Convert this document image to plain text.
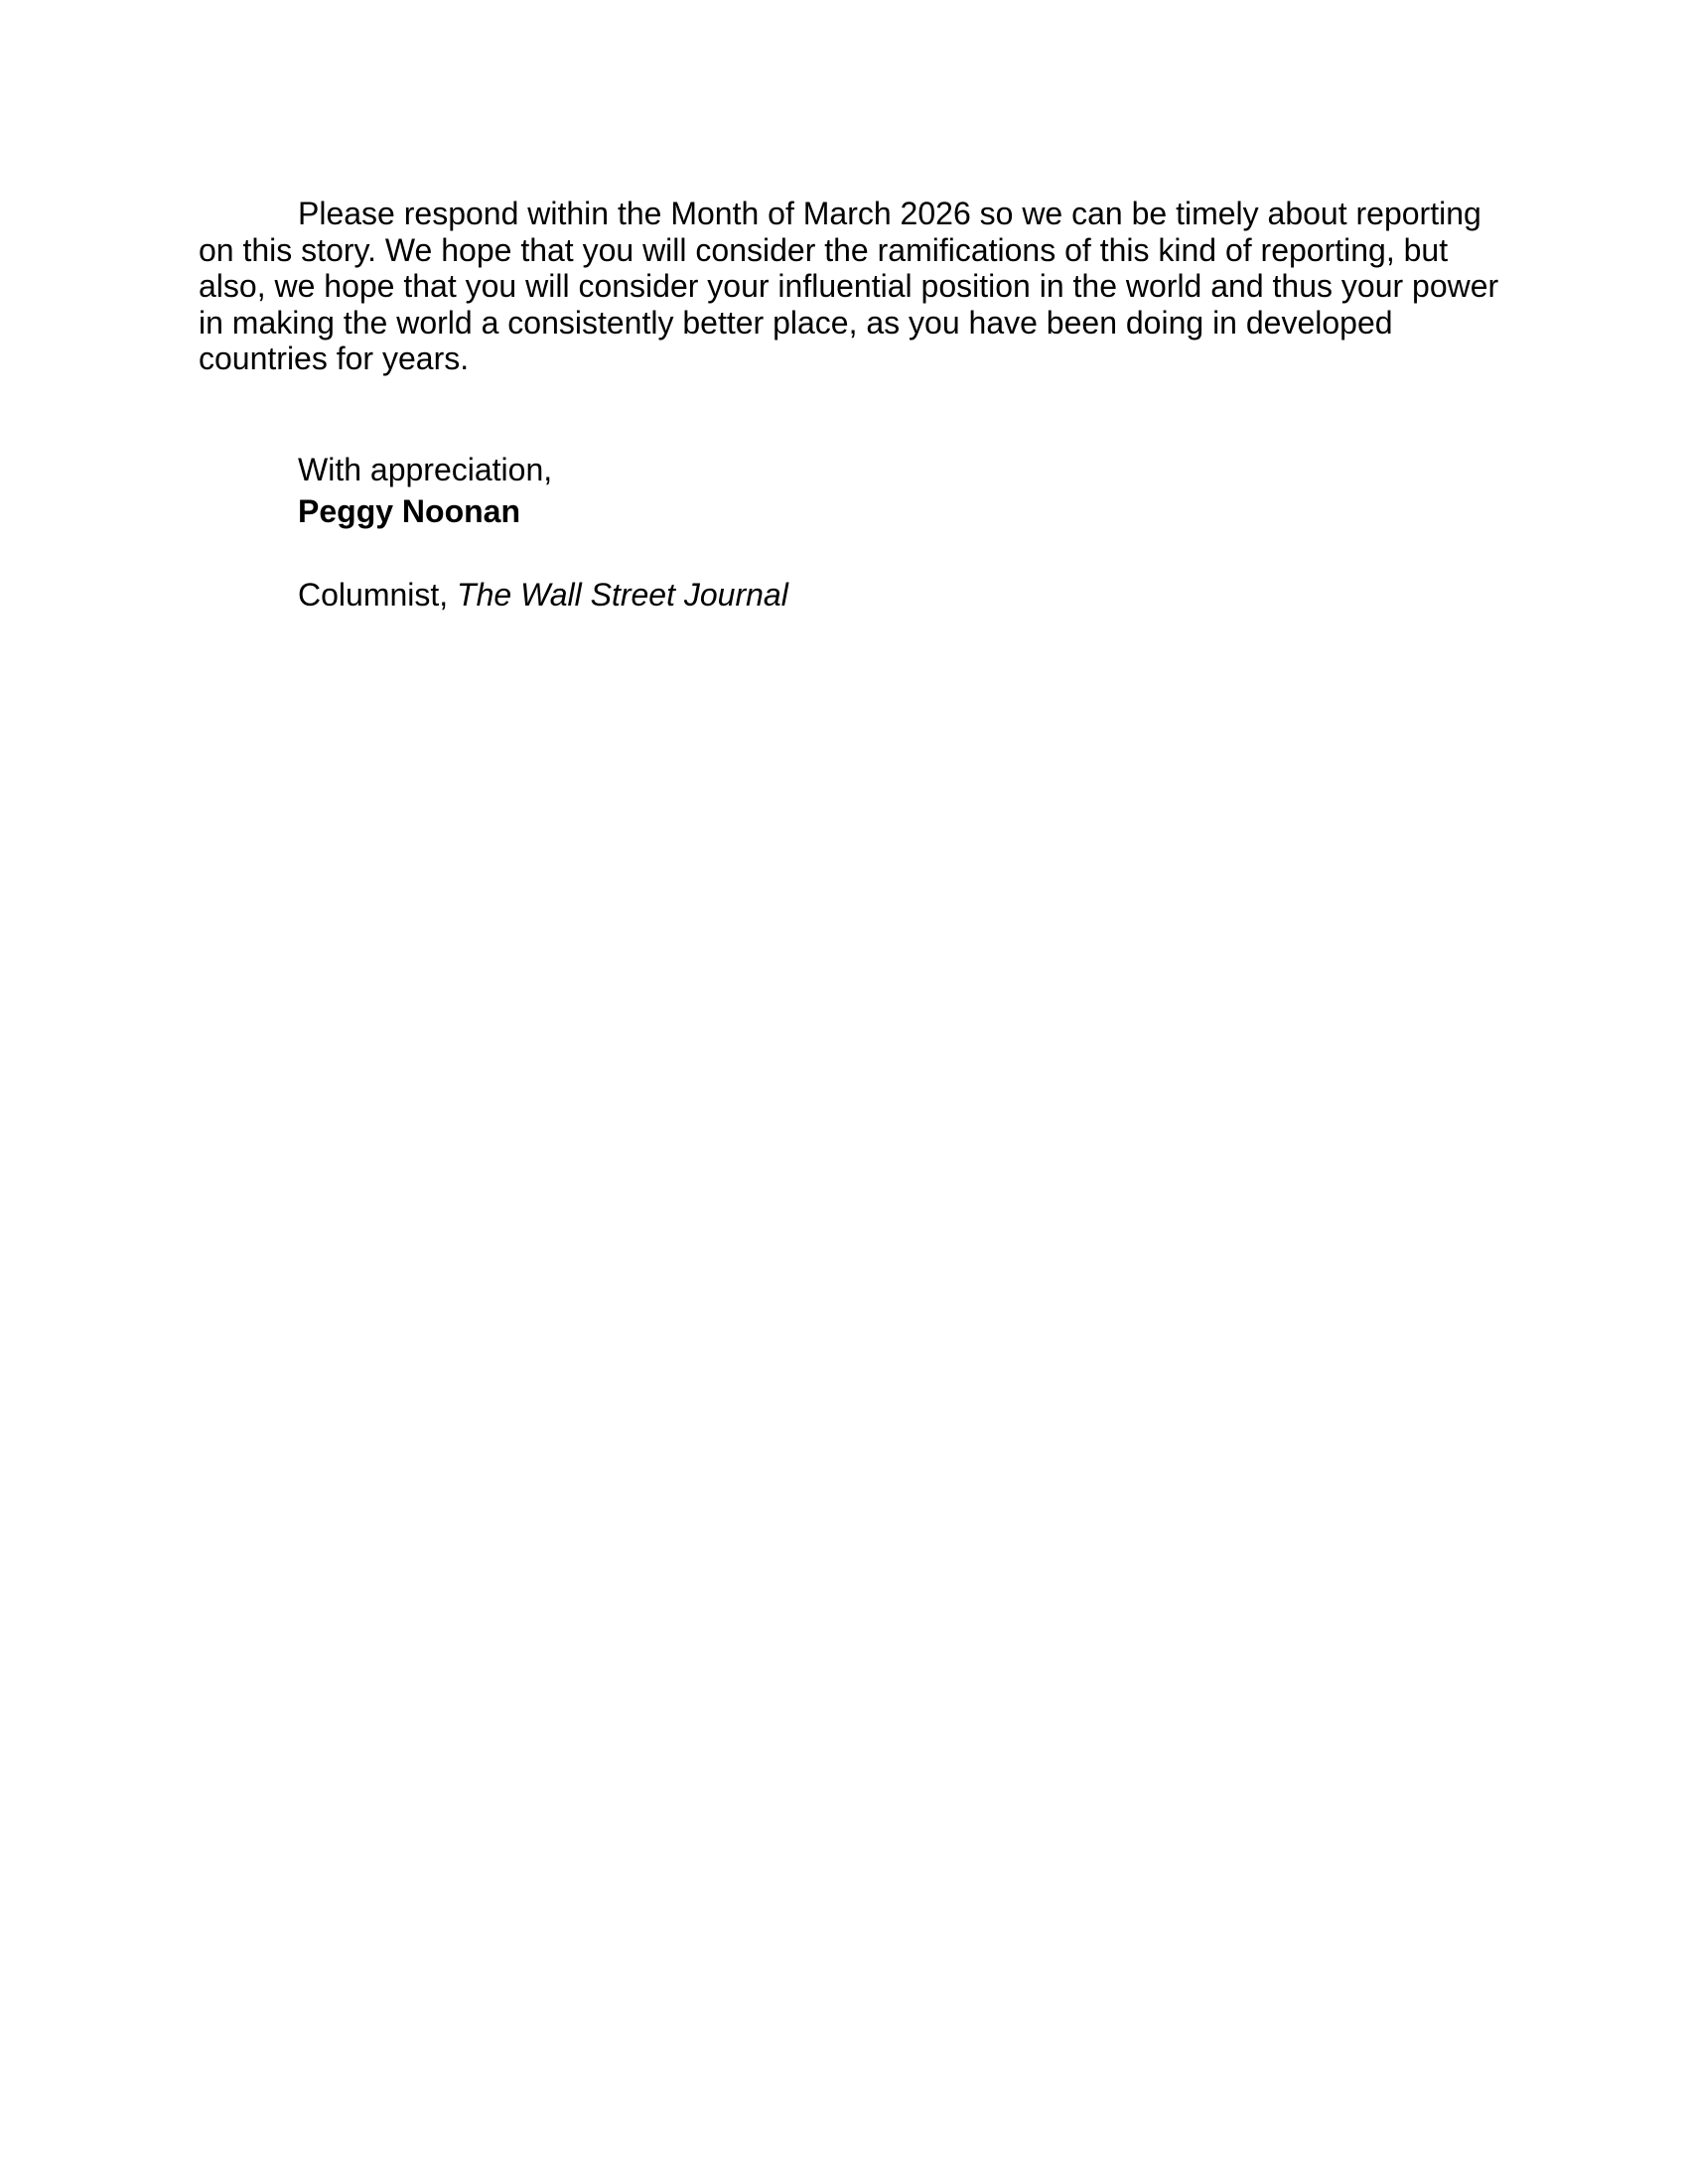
Please respond within the Month of March 2026 so we can be timely about reporting on this story. We hope that you will consider the ramifications of this kind of reporting, but also, we hope that you will consider your influential position in the world and thus your power in making the world a consistently better place, as you have been doing in developed countries for years.

With appreciation,
Peggy Noonan
Columnist, The Wall Street Journal
